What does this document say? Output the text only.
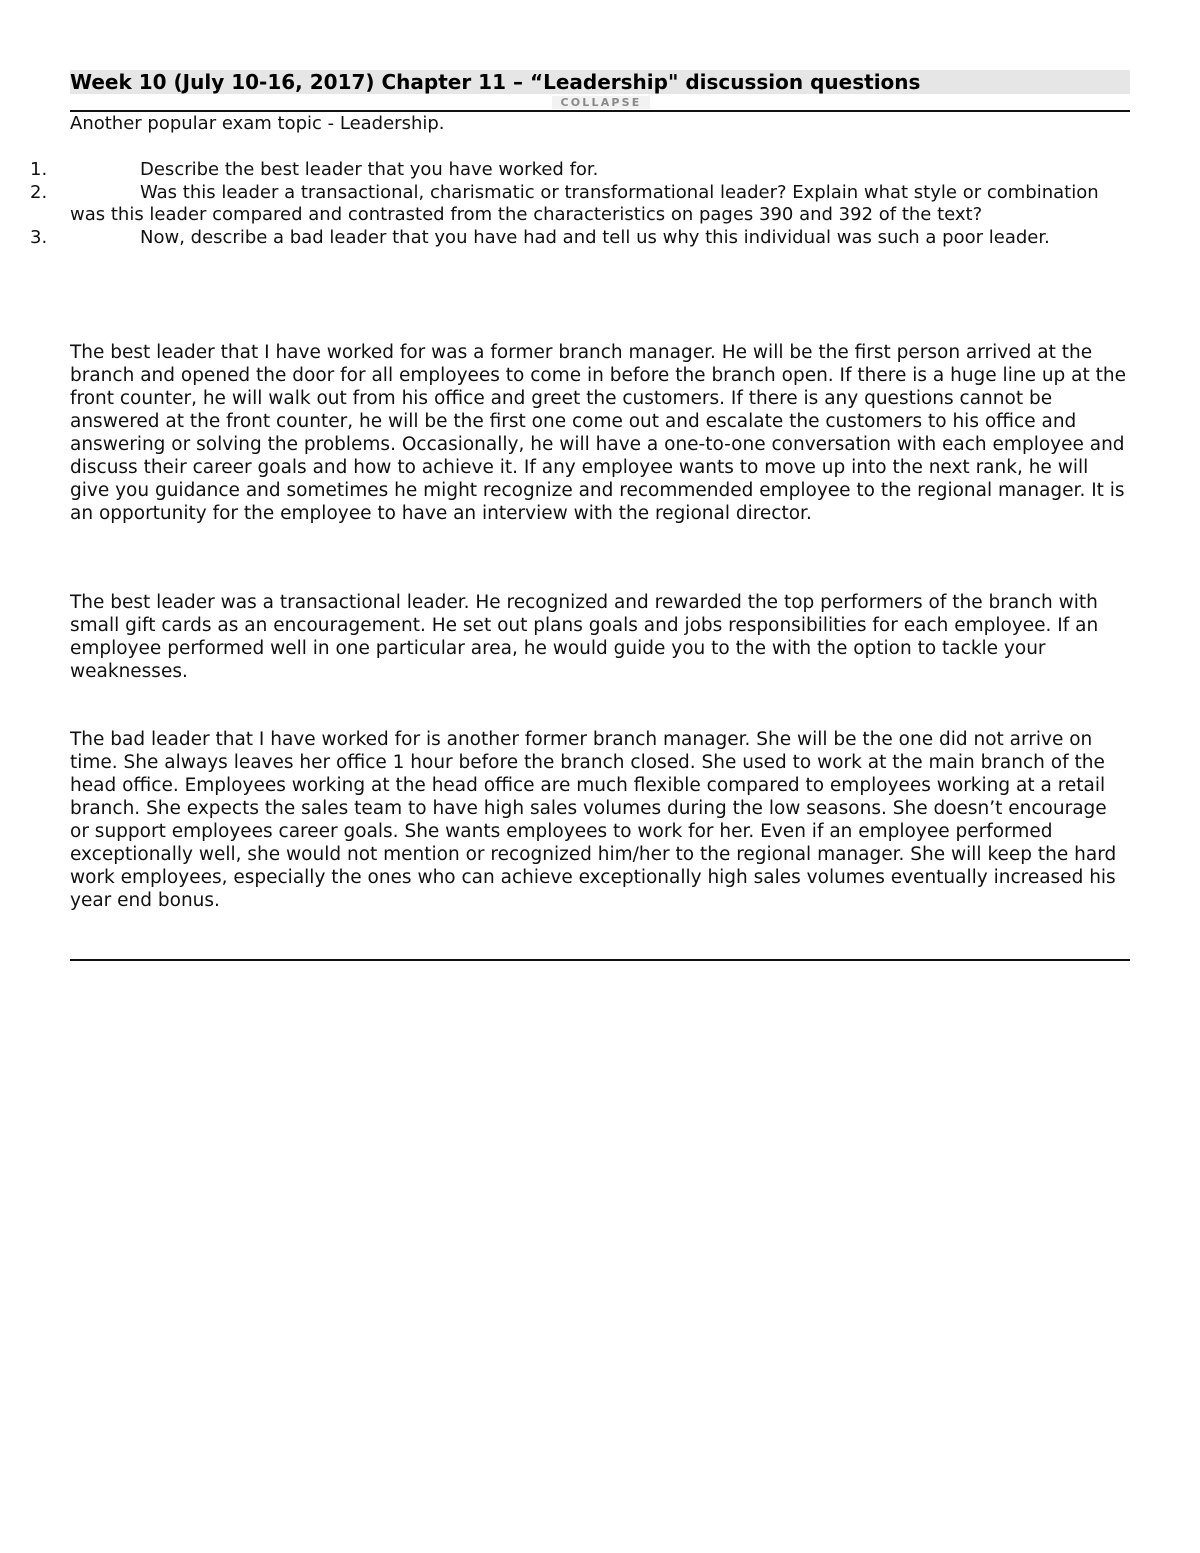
Week 10 (July 10-16, 2017) Chapter 11 – “Leadership" discussion questions
COLLAPSE
Another popular exam topic - Leadership.
1.	Describe the best leader that you have worked for.
2.	Was this leader a transactional, charismatic or transformational leader? Explain what style or combination was this leader compared and contrasted from the characteristics on pages 390 and 392 of the text?
3.	Now, describe a bad leader that you have had and tell us why this individual was such a poor leader.

The best leader that I have worked for was a former branch manager. He will be the first person arrived at the branch and opened the door for all employees to come in before the branch open. If there is a huge line up at the front counter, he will walk out from his office and greet the customers. If there is any questions cannot be answered at the front counter, he will be the first one come out and escalate the customers to his office and answering or solving the problems. Occasionally, he will have a one-to-one conversation with each employee and discuss their career goals and how to achieve it. If any employee wants to move up into the next rank, he will give you guidance and sometimes he might recognize and recommended employee to the regional manager. It is an opportunity for the employee to have an interview with the regional director.

The best leader was a transactional leader. He recognized and rewarded the top performers of the branch with small gift cards as an encouragement. He set out plans goals and jobs responsibilities for each employee. If an employee performed well in one particular area, he would guide you to the with the option to tackle your weaknesses.

The bad leader that I have worked for is another former branch manager. She will be the one did not arrive on time. She always leaves her office 1 hour before the branch closed. She used to work at the main branch of the head office. Employees working at the head office are much flexible compared to employees working at a retail branch. She expects the sales team to have high sales volumes during the low seasons. She doesn’t encourage or support employees career goals. She wants employees to work for her. Even if an employee performed exceptionally well, she would not mention or recognized him/her to the regional manager. She will keep the hard work employees, especially the ones who can achieve exceptionally high sales volumes eventually increased his year end bonus.
